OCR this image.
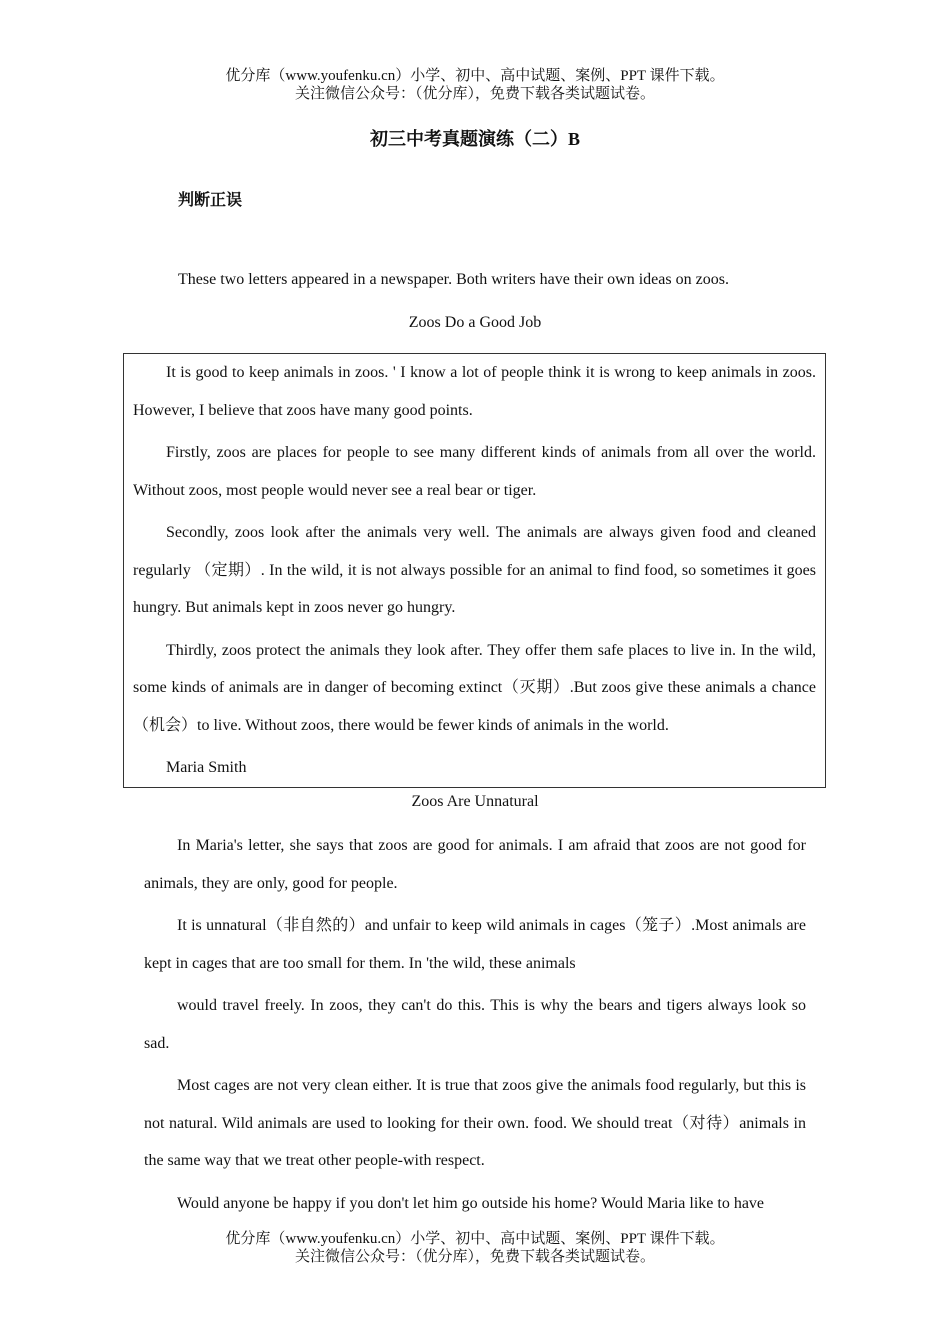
优分库（www.youfenku.cn）小学、初中、高中试题、案例、PPT 课件下载。
关注微信公众号：（优分库），免费下载各类试题试卷。
初三中考真题演练（二）B
判断正误
These two letters appeared in a newspaper. Both writers have their own ideas on zoos.
Zoos Do a Good Job

It is good to keep animals in zoos. ' I know a lot of people think it is wrong to keep animals in zoos. However, I believe that zoos have many good points.

Firstly, zoos are places for people to see many different kinds of animals from all over the world. Without zoos, most people would never see a real bear or tiger.

Secondly, zoos look after the animals very well. The animals are always given food and cleaned regularly （定期）. In the wild, it is not always possible for an animal to find food, so sometimes it goes hungry. But animals kept in zoos never go hungry.

Thirdly, zoos protect the animals they look after. They offer them safe places to live in. In the wild, some kinds of animals are in danger of becoming extinct（灭期）.But zoos give these animals a chance （机会）to live. Without zoos, there would be fewer kinds of animals in the world.

Maria Smith

Zoos Are Unnatural

In Maria's letter, she says that zoos are good for animals. I am afraid that zoos are not good for animals, they are only, good for people.

It is unnatural（非自然的）and unfair to keep wild animals in cages（笼子）.Most animals are kept in cages that are too small for them. In 'the wild, these animals

would travel freely. In zoos, they can't do this. This is why the bears and tigers always look so sad.

Most cages are not very clean either. It is true that zoos give the animals food regularly, but this is not natural. Wild animals are used to looking for their own. food. We should treat（对待）animals in the same way that we treat other people-with respect.

Would anyone be happy if you don't let him go outside his home? Would Maria like to have

优分库（www.youfenku.cn）小学、初中、高中试题、案例、PPT 课件下载。
关注微信公众号：（优分库），免费下载各类试题试卷。
